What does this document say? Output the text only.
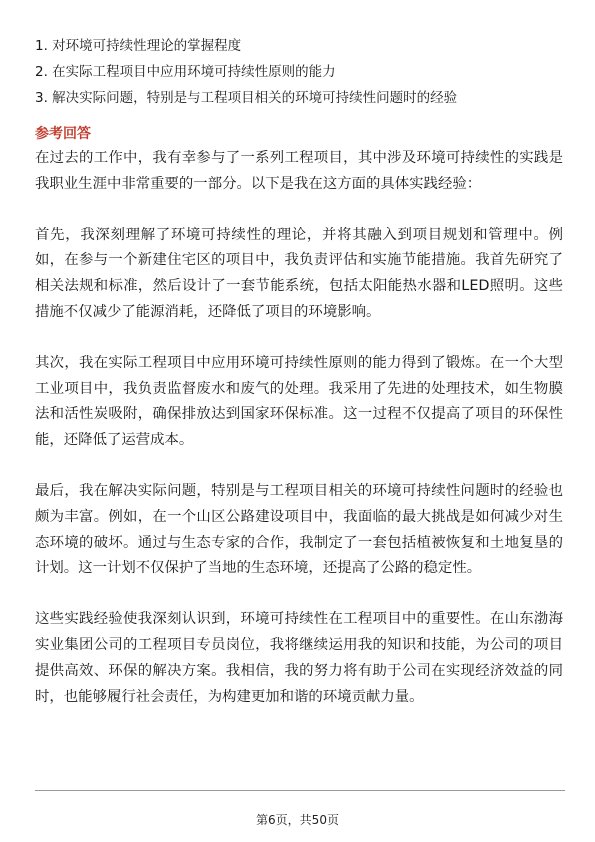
1. 对环境可持续性理论的掌握程度
2. 在实际工程项目中应用环境可持续性原则的能力
3. 解决实际问题，特别是与工程项目相关的环境可持续性问题时的经验
参考回答

在过去的工作中，我有幸参与了一系列工程项目，其中涉及环境可持续性的实践是我职业生涯中非常重要的一部分。以下是我在这方面的具体实践经验：

首先，我深刻理解了环境可持续性的理论，并将其融入到项目规划和管理中。例如，在参与一个新建住宅区的项目中，我负责评估和实施节能措施。我首先研究了相关法规和标准，然后设计了一套节能系统，包括太阳能热水器和LED照明。这些措施不仅减少了能源消耗，还降低了项目的环境影响。

其次，我在实际工程项目中应用环境可持续性原则的能力得到了锻炼。在一个大型工业项目中，我负责监督废水和废气的处理。我采用了先进的处理技术，如生物膜法和活性炭吸附，确保排放达到国家环保标准。这一过程不仅提高了项目的环保性能，还降低了运营成本。

最后，我在解决实际问题，特别是与工程项目相关的环境可持续性问题时的经验也颇为丰富。例如，在一个山区公路建设项目中，我面临的最大挑战是如何减少对生态环境的破坏。通过与生态专家的合作，我制定了一套包括植被恢复和土地复垦的计划。这一计划不仅保护了当地的生态环境，还提高了公路的稳定性。

这些实践经验使我深刻认识到，环境可持续性在工程项目中的重要性。在山东渤海实业集团公司的工程项目专员岗位，我将继续运用我的知识和技能，为公司的项目提供高效、环保的解决方案。我相信，我的努力将有助于公司在实现经济效益的同时，也能够履行社会责任，为构建更加和谐的环境贡献力量。

第6页，共50页
